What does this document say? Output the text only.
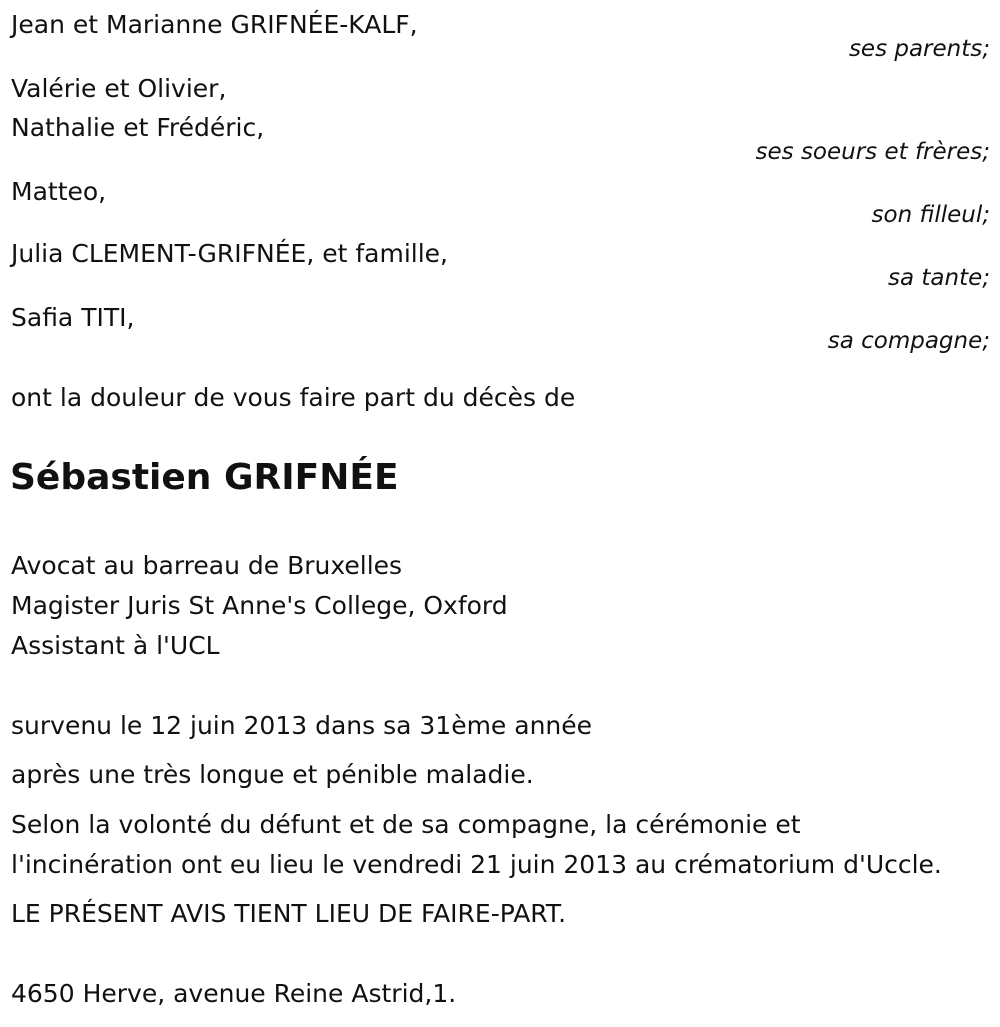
Jean et Marianne GRIFNÉE-KALF,
ses parents;
Valérie et Olivier,
Nathalie et Frédéric,
ses soeurs et frères;
Matteo,
son filleul;
Julia CLEMENT-GRIFNÉE, et famille,
sa tante;
Safia TITI,
sa compagne;
ont la douleur de vous faire part du décès de
Sébastien GRIFNÉE
Avocat au barreau de Bruxelles
Magister Juris St Anne's College, Oxford
Assistant à l'UCL
survenu le 12 juin 2013 dans sa 31ème année
après une très longue et pénible maladie.
Selon la volonté du défunt et de sa compagne, la cérémonie et
l'incinération ont eu lieu le vendredi 21 juin 2013 au crématorium d'Uccle.
LE PRÉSENT AVIS TIENT LIEU DE FAIRE-PART.
4650 Herve, avenue Reine Astrid,1.
